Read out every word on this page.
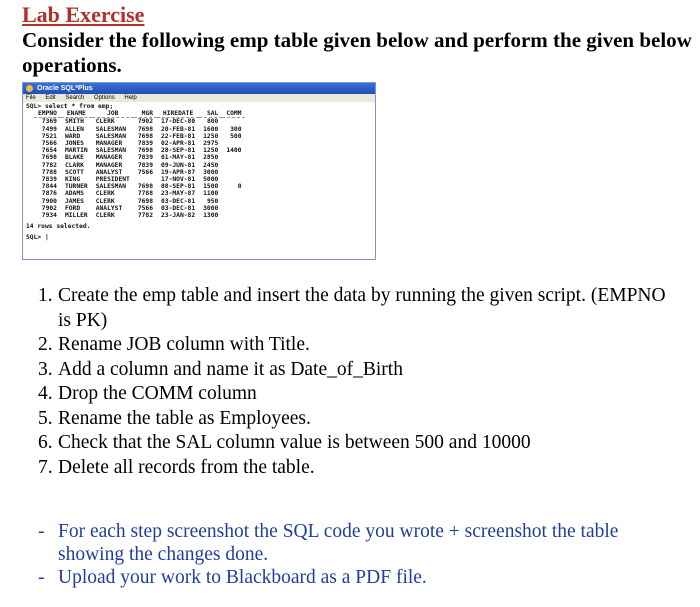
Lab Exercise
Consider the following emp table given below and perform the given below operations.
Oracle SQL*Plus
File Edit Search Options Help
SQL> select * from emp;
EMPNO	ENAME	JOB	MGR	HIREDATE	SAL	COMM
7369	SMITH	CLERK	7902	17-DEC-80	800	
7499	ALLEN	SALESMAN	7698	20-FEB-81	1600	300
7521	WARD	SALESMAN	7698	22-FEB-81	1250	500
7566	JONES	MANAGER	7839	02-APR-81	2975	
7654	MARTIN	SALESMAN	7698	28-SEP-81	1250	1400
7698	BLAKE	MANAGER	7839	01-MAY-81	2850	
7782	CLARK	MANAGER	7839	09-JUN-81	2450	
7788	SCOTT	ANALYST	7566	19-APR-87	3000	
7839	KING	PRESIDENT		17-NOV-81	5000	
7844	TURNER	SALESMAN	7698	08-SEP-81	1500	0
7876	ADAMS	CLERK	7788	23-MAY-87	1100	
7900	JAMES	CLERK	7698	03-DEC-81	950	
7902	FORD	ANALYST	7566	03-DEC-81	3000	
7934	MILLER	CLERK	7782	23-JAN-82	1300	
14 rows selected.
SQL> |
1. Create the emp table and insert the data by running the given script. (EMPNO is PK)
2. Rename JOB column with Title.
3. Add a column and name it as Date_of_Birth
4. Drop the COMM column
5. Rename the table as Employees.
6. Check that the SAL column value is between 500 and 10000
7. Delete all records from the table.
- For each step screenshot the SQL code you wrote + screenshot the table showing the changes done.
- Upload your work to Blackboard as a PDF file.
